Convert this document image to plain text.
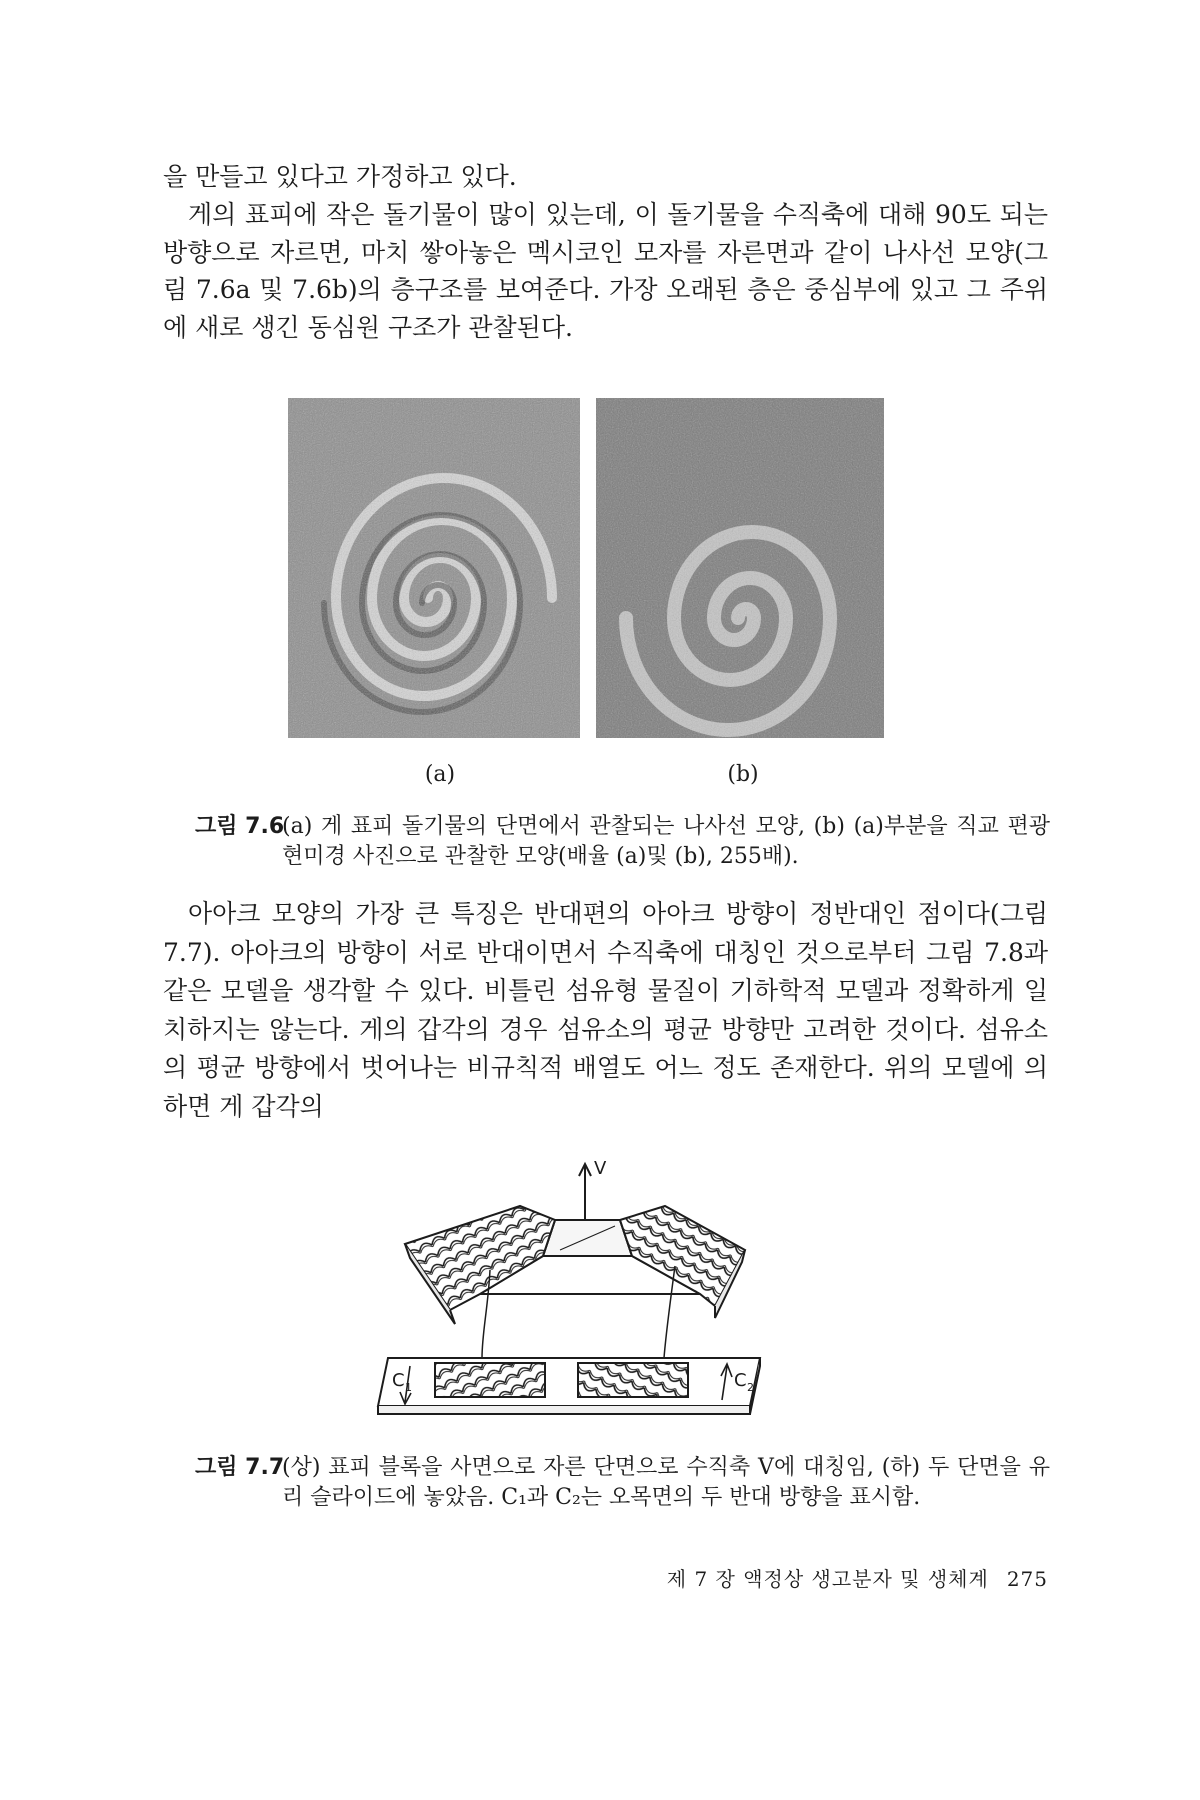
을 만들고 있다고 가정하고 있다.

게의 표피에 작은 돌기물이 많이 있는데, 이 돌기물을 수직축에 대해 90도 되는 방향으로 자르면, 마치 쌓아놓은 멕시코인 모자를 자른면과 같이 나사선 모양(그림 7.6a 및 7.6b)의 층구조를 보여준다. 가장 오래된 층은 중심부에 있고 그 주위에 새로 생긴 동심원 구조가 관찰된다.

(a)	(b)
그림 7.6
(a) 게 표피 돌기물의 단면에서 관찰되는 나사선 모양, (b) (a)부분을 직교 편광현미경 사진으로 관찰한 모양(배율 (a)및 (b), 255배).

아아크 모양의 가장 큰 특징은 반대편의 아아크 방향이 정반대인 점이다(그림 7.7). 아아크의 방향이 서로 반대이면서 수직축에 대칭인 것으로부터 그림 7.8과 같은 모델을 생각할 수 있다. 비틀린 섬유형 물질이 기하학적 모델과 정확하게 일치하지는 않는다. 게의 갑각의 경우 섬유소의 평균 방향만 고려한 것이다. 섬유소의 평균 방향에서 벗어나는 비규칙적 배열도 어느 정도 존재한다. 위의 모델에 의하면 게 갑각의

V
C 1	C 2
그림 7.7
(상) 표피 블록을 사면으로 자른 단면으로 수직축 V에 대칭임, (하) 두 단면을 유리 슬라이드에 놓았음. C₁과 C₂는 오목면의 두 반대 방향을 표시함.
제 7 장 액정상 생고분자 및 생체계 275
